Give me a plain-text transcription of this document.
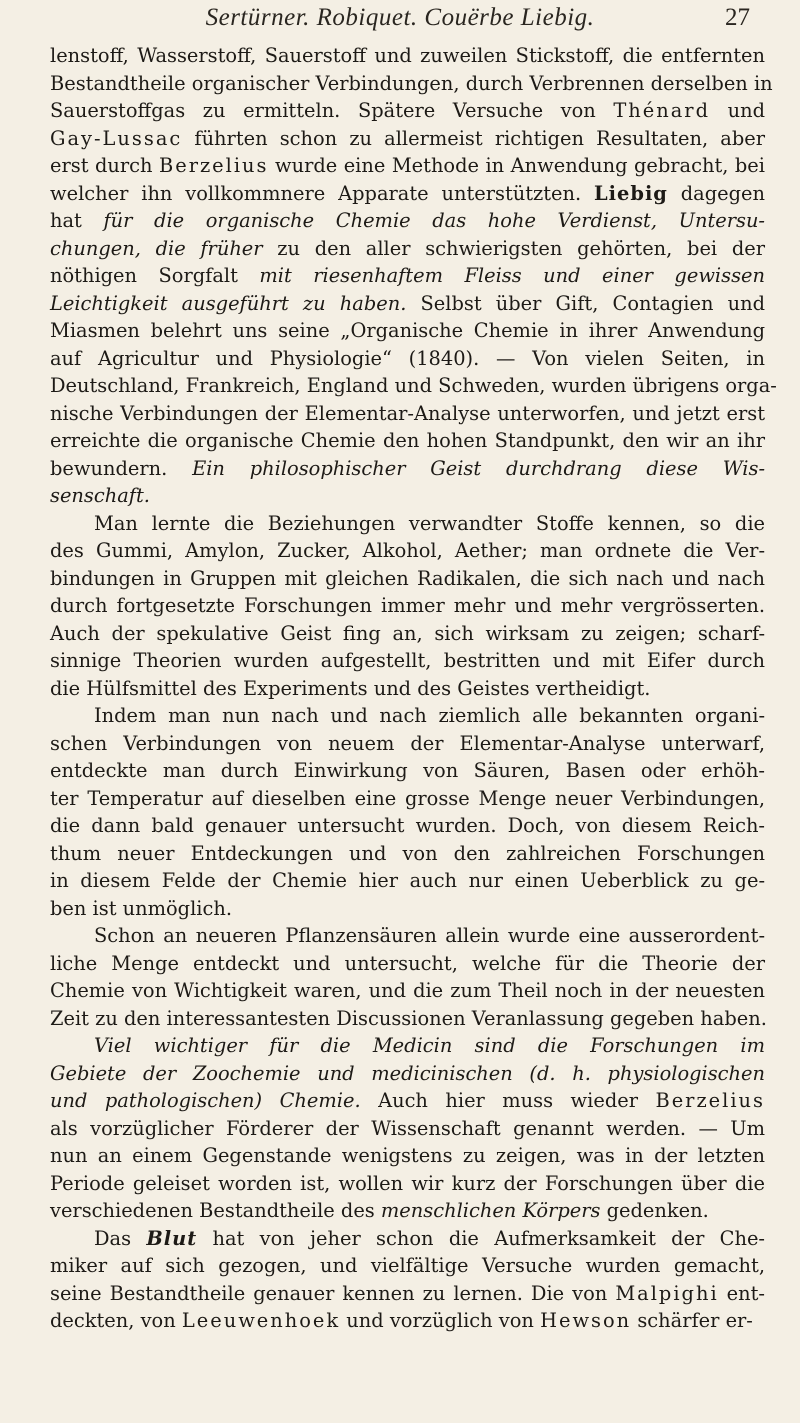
Sertürner. Robiquet. Couërbe Liebig.	27
lenstoff, Wasserstoff, Sauerstoff und zuweilen Stickstoff, die entfernten
Bestandtheile organischer Verbindungen, durch Verbrennen derselben in
Sauerstoffgas zu ermitteln. Spätere Versuche von Thénard und
Gay-Lussac führten schon zu allermeist richtigen Resultaten, aber
erst durch Berzelius wurde eine Methode in Anwendung gebracht, bei
welcher ihn vollkommnere Apparate unterstützten. Liebig dagegen
hat für die organische Chemie das hohe Verdienst, Untersu-
chungen, die früher zu den aller schwierigsten gehörten, bei der
nöthigen Sorgfalt mit riesenhaftem Fleiss und einer gewissen
Leichtigkeit ausgeführt zu haben. Selbst über Gift, Contagien und
Miasmen belehrt uns seine „Organische Chemie in ihrer Anwendung
auf Agricultur und Physiologie“ (1840). — Von vielen Seiten, in
Deutschland, Frankreich, England und Schweden, wurden übrigens orga-
nische Verbindungen der Elementar-Analyse unterworfen, und jetzt erst
erreichte die organische Chemie den hohen Standpunkt, den wir an ihr
bewundern. Ein philosophischer Geist durchdrang diese Wis-
senschaft.
Man lernte die Beziehungen verwandter Stoffe kennen, so die
des Gummi, Amylon, Zucker, Alkohol, Aether; man ordnete die Ver-
bindungen in Gruppen mit gleichen Radikalen, die sich nach und nach
durch fortgesetzte Forschungen immer mehr und mehr vergrösserten.
Auch der spekulative Geist fing an, sich wirksam zu zeigen; scharf-
sinnige Theorien wurden aufgestellt, bestritten und mit Eifer durch
die Hülfsmittel des Experiments und des Geistes vertheidigt.
Indem man nun nach und nach ziemlich alle bekannten organi-
schen Verbindungen von neuem der Elementar-Analyse unterwarf,
entdeckte man durch Einwirkung von Säuren, Basen oder erhöh-
ter Temperatur auf dieselben eine grosse Menge neuer Verbindungen,
die dann bald genauer untersucht wurden. Doch, von diesem Reich-
thum neuer Entdeckungen und von den zahlreichen Forschungen
in diesem Felde der Chemie hier auch nur einen Ueberblick zu ge-
ben ist unmöglich.
Schon an neueren Pflanzensäuren allein wurde eine ausserordent-
liche Menge entdeckt und untersucht, welche für die Theorie der
Chemie von Wichtigkeit waren, und die zum Theil noch in der neuesten
Zeit zu den interessantesten Discussionen Veranlassung gegeben haben.
Viel wichtiger für die Medicin sind die Forschungen im
Gebiete der Zoochemie und medicinischen (d. h. physiologischen
und pathologischen) Chemie. Auch hier muss wieder Berzelius
als vorzüglicher Förderer der Wissenschaft genannt werden. — Um
nun an einem Gegenstande wenigstens zu zeigen, was in der letzten
Periode geleiset worden ist, wollen wir kurz der Forschungen über die
verschiedenen Bestandtheile des menschlichen Körpers gedenken.
Das Blut hat von jeher schon die Aufmerksamkeit der Che-
miker auf sich gezogen, und vielfältige Versuche wurden gemacht,
seine Bestandtheile genauer kennen zu lernen. Die von Malpighi ent-
deckten, von Leeuwenhoek und vorzüglich von Hewson schärfer er-
